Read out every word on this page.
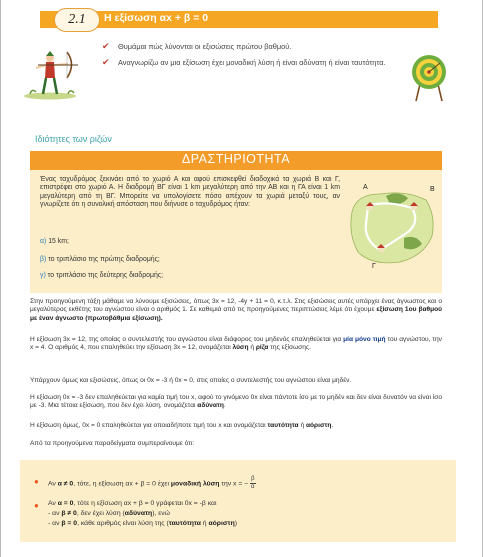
2.1	Η εξίσωση αx + β = 0
✔ Θυμάμαι πώς λύνονται οι εξισώσεις πρώτου βαθμού.
✔ Αναγνωρίζω αν μια εξίσωση έχει μοναδική λύση ή είναι αδύνατη ή είναι ταυτότητα.
Ιδιότητες των ριζών
ΔΡΑΣΤΗΡΙΟΤΗΤΑ
Ένας ταχυδρόμος ξεκινάει από το χωριό Α και αφού επισκεφθεί διαδοχικά τα χωριά Β και Γ, επιστρέφει στο χωριό Α. Η διαδρομή ΒΓ είναι 1 km μεγαλύτερη από την ΑΒ και η ΓΑ είναι 1 km μεγαλύτερη από τη ΒΓ. Μπορείτε να υπολογίσετε πόσο απέχουν τα χωριά μεταξύ τους, αν γνωρίζετε ότι η συνολική απόσταση που διήνυσε ο ταχυδρόμος ήταν:
α) 15 km;
β) το τριπλάσιο της πρώτης διαδρομής;
γ) το τριπλάσιο της δεύτερης διαδρομής;
Α	Β
Γ
Στην προηγούμενη τάξη μάθαμε να λύνουμε εξισώσεις, όπως 3x = 12, -4y + 11 = 0, κ.τ.λ. Στις εξισώσεις αυτές υπάρχει ένας άγνωστος και ο μεγαλύτερος εκθέτης του αγνώστου είναι ο αριθμός 1. Σε καθεμιά από τις προηγούμενες περιπτώσεις λέμε ότι έχουμε εξίσωση 1ου βαθμού με έναν άγνωστο (πρωτοβάθμια εξίσωση).
Η εξίσωση 3x = 12, της οποίας ο συντελεστής του αγνώστου είναι διάφορος του μηδενός επαληθεύεται για μία μόνο τιμή του αγνώστου, την x = 4. Ο αριθμός 4, που επαληθεύει την εξίσωση 3x = 12, ονομάζεται λύση ή ρίζα της εξίσωσης.
Υπάρχουν όμως και εξισώσεις, όπως οι 0x = -3 ή 0x = 0, στις οποίες ο συντελεστής του αγνώστου είναι μηδέν.
Η εξίσωση 0x = -3 δεν επαληθεύεται για καμία τιμή του x, αφού το γινόμενο 0x είναι πάντοτε ίσο με το μηδέν και δεν είναι δυνατόν να είναι ίσο με -3. Μια τέτοια εξίσωση, που δεν έχει λύση, ονομάζεται αδύνατη.
Η εξίσωση όμως, 0x = 0 επαληθεύεται για οποιαδήποτε τιμή του x και ονομάζεται ταυτότητα ή αόριστη.
Από τα προηγούμενα παραδείγματα συμπεραίνουμε ότι:
● Αν α ≠ 0, τότε, η εξίσωση αx + β = 0 έχει μοναδική λύση την x = − $\frac{\beta}{\alpha}$
● Αν α = 0, τότε η εξίσωση αx + β = 0 γράφεται 0x = -β και
- αν β ≠ 0, δεν έχει λύση (αδύνατη), ενώ
- αν β = 0, κάθε αριθμός είναι λύση της (ταυτότητα ή αόριστη)
